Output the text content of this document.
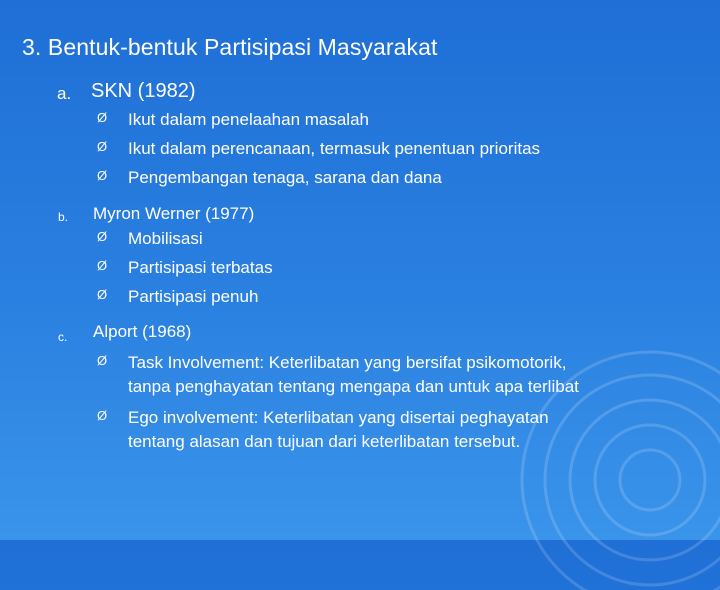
3. Bentuk-bentuk Partisipasi Masyarakat
a. SKN (1982)
Ø Ikut dalam penelaahan masalah
Ø Ikut dalam perencanaan, termasuk penentuan prioritas
Ø Pengembangan tenaga, sarana dan dana
b. Myron Werner (1977)
Ø Mobilisasi
Ø Partisipasi terbatas
Ø Partisipasi penuh
c. Alport (1968)
Ø Task Involvement: Keterlibatan yang bersifat psikomotorik,
tanpa penghayatan tentang mengapa dan untuk apa terlibat
Ø Ego involvement: Keterlibatan yang disertai peghayatan
tentang alasan dan tujuan dari keterlibatan tersebut.
